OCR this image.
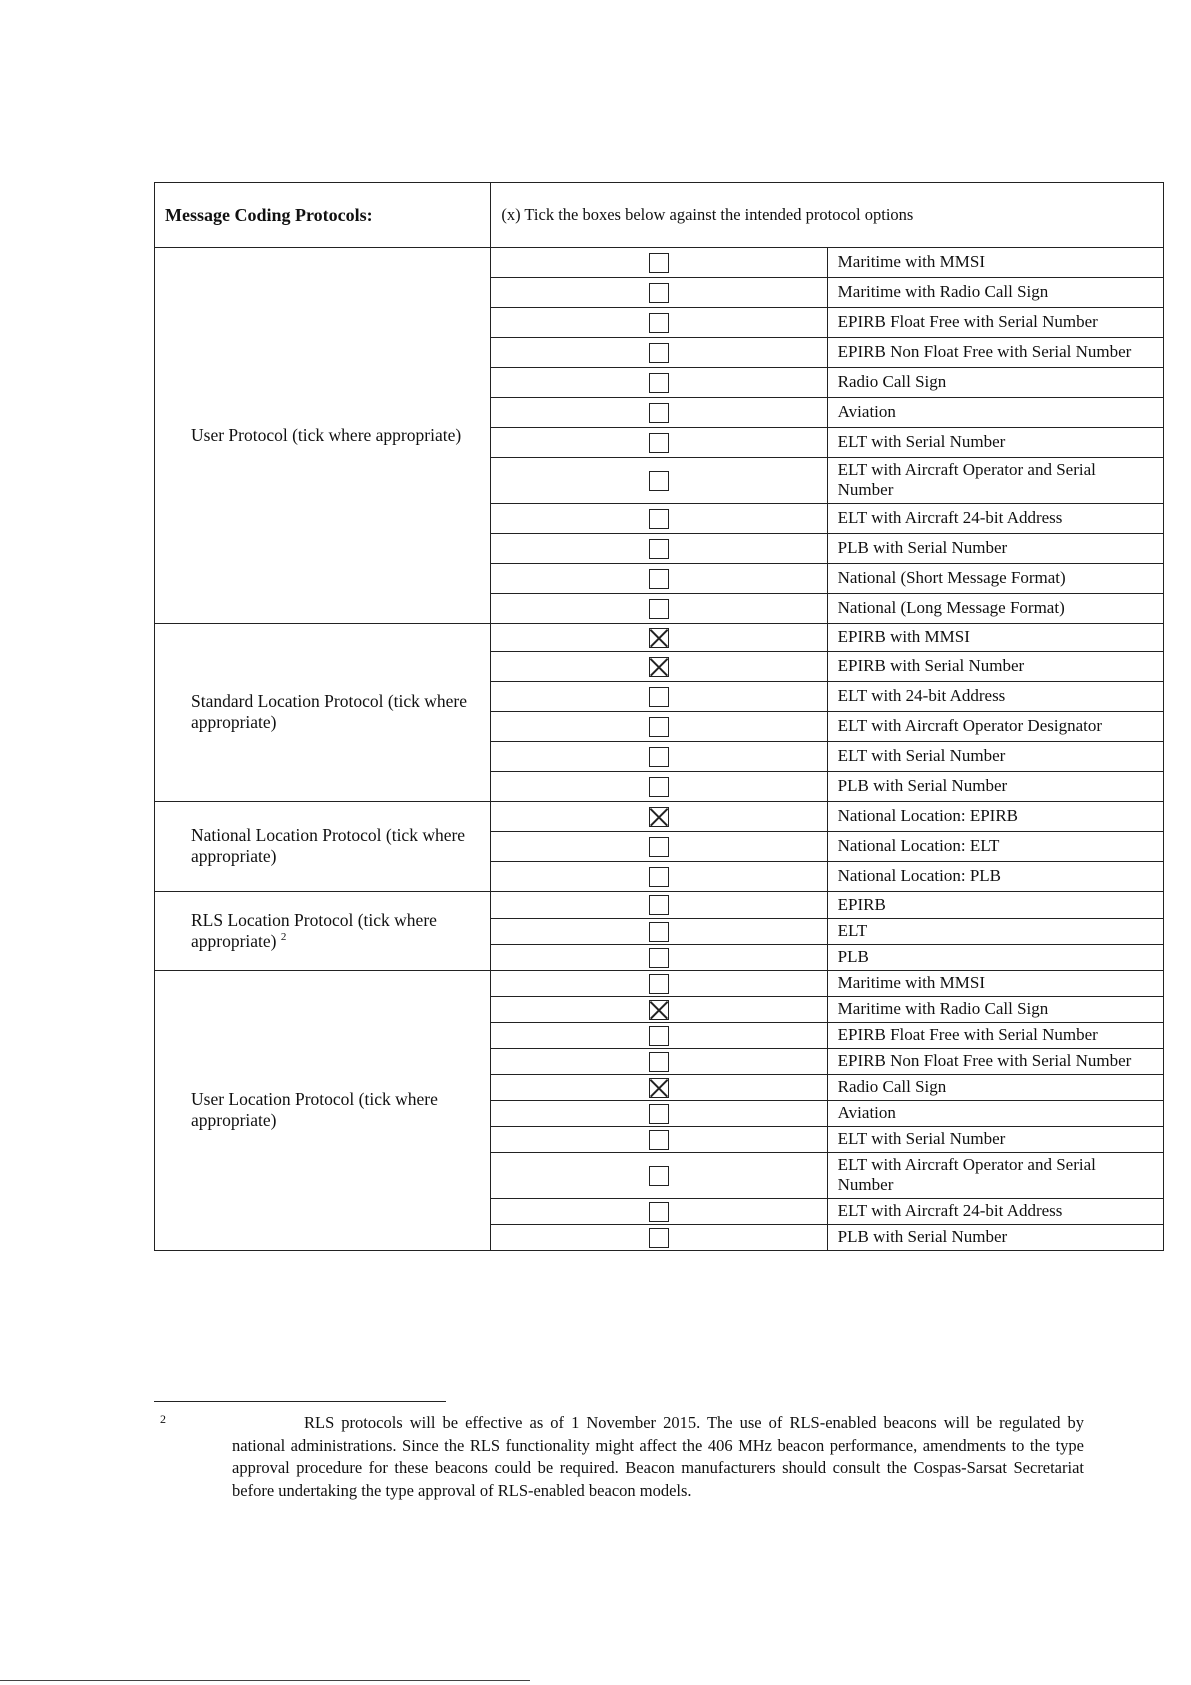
Message Coding Protocols:	(x) Tick the boxes below against the intended protocol options	
User Protocol (tick where appropriate)		Maritime with MMSI
		Maritime with Radio Call Sign
		EPIRB Float Free with Serial Number
		EPIRB Non Float Free with Serial Number
		Radio Call Sign
		Aviation
		ELT with Serial Number
		ELT with Aircraft Operator and Serial Number
		ELT with Aircraft 24-bit Address
		PLB with Serial Number
		National (Short Message Format)
		National (Long Message Format)
Standard Location Protocol (tick where appropriate)		EPIRB with MMSI
		EPIRB with Serial Number
		ELT with 24-bit Address
		ELT with Aircraft Operator Designator
		ELT with Serial Number
		PLB with Serial Number
National Location Protocol (tick where appropriate)		National Location: EPIRB
		National Location: ELT
		National Location: PLB
RLS Location Protocol (tick where appropriate) $^2$		EPIRB
		ELT
		PLB
User Location Protocol (tick where appropriate)		Maritime with MMSI
		Maritime with Radio Call Sign
		EPIRB Float Free with Serial Number
		EPIRB Non Float Free with Serial Number
		Radio Call Sign
		Aviation
		ELT with Serial Number
		ELT with Aircraft Operator and Serial Number
		ELT with Aircraft 24-bit Address
		PLB with Serial Number
2	RLS protocols will be effective as of 1 November 2015. The use of RLS-enabled beacons will be regulated by national administrations. Since the RLS functionality might affect the 406 MHz beacon performance, amendments to the type approval procedure for these beacons could be required. Beacon manufacturers should consult the Cospas-Sarsat Secretariat before undertaking the type approval of RLS-enabled beacon models.
